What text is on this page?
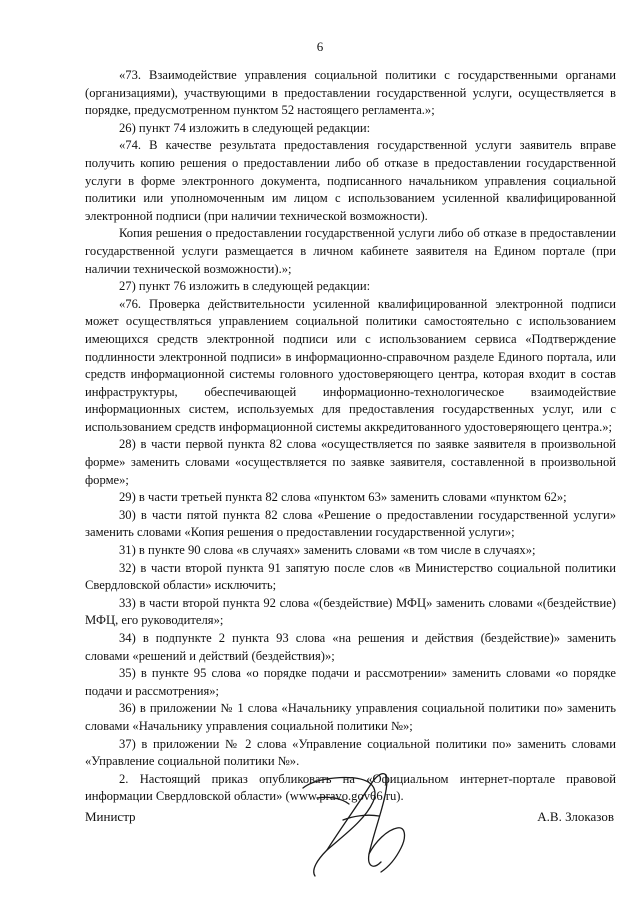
6

«73. Взаимодействие управления социальной политики с государственными органами (организациями), участвующими в предоставлении государственной услуги, осуществляется в порядке, предусмотренном пунктом 52 настоящего регламента.»;

26) пункт 74 изложить в следующей редакции:

«74. В качестве результата предоставления государственной услуги заявитель вправе получить копию решения о предоставлении либо об отказе в предоставлении государственной услуги в форме электронного документа, подписанного начальником управления социальной политики или уполномоченным им лицом с использованием усиленной квалифицированной электронной подписи (при наличии технической возможности).

Копия решения о предоставлении государственной услуги либо об отказе в предоставлении государственной услуги размещается в личном кабинете заявителя на Едином портале (при наличии технической возможности).»;

27) пункт 76 изложить в следующей редакции:

«76. Проверка действительности усиленной квалифицированной электронной подписи может осуществляться управлением социальной политики самостоятельно с использованием имеющихся средств электронной подписи или с использованием сервиса «Подтверждение подлинности электронной подписи» в информационно-справочном разделе Единого портала, или средств информационной системы головного удостоверяющего центра, которая входит в состав инфраструктуры, обеспечивающей информационно-технологическое взаимодействие информационных систем, используемых для предоставления государственных услуг, или с использованием средств информационной системы аккредитованного удостоверяющего центра.»;

28) в части первой пункта 82 слова «осуществляется по заявке заявителя в произвольной форме» заменить словами «осуществляется по заявке заявителя, составленной в произвольной форме»;

29) в части третьей пункта 82 слова «пунктом 63» заменить словами «пунктом 62»;

30) в части пятой пункта 82 слова «Решение о предоставлении государственной услуги» заменить словами «Копия решения о предоставлении государственной услуги»;

31) в пункте 90 слова «в случаях» заменить словами «в том числе в случаях»;

32) в части второй пункта 91 запятую после слов «в Министерство социальной политики Свердловской области» исключить;

33) в части второй пункта 92 слова «(бездействие) МФЦ» заменить словами «(бездействие) МФЦ, его руководителя»;

34) в подпункте 2 пункта 93 слова «на решения и действия (бездействие)» заменить словами «решений и действий (бездействия)»;

35) в пункте 95 слова «о порядке подачи и рассмотрении» заменить словами «о порядке подачи и рассмотрения»;

36) в приложении № 1 слова «Начальнику управления социальной политики по» заменить словами «Начальнику управления социальной политики №»;

37) в приложении № 2 слова «Управление социальной политики по» заменить словами «Управление социальной политики №».

2. Настоящий приказ опубликовать на «Официальном интернет-портале правовой информации Свердловской области» (www.pravo.gov66.ru).

Министр	А.В. Злоказов
